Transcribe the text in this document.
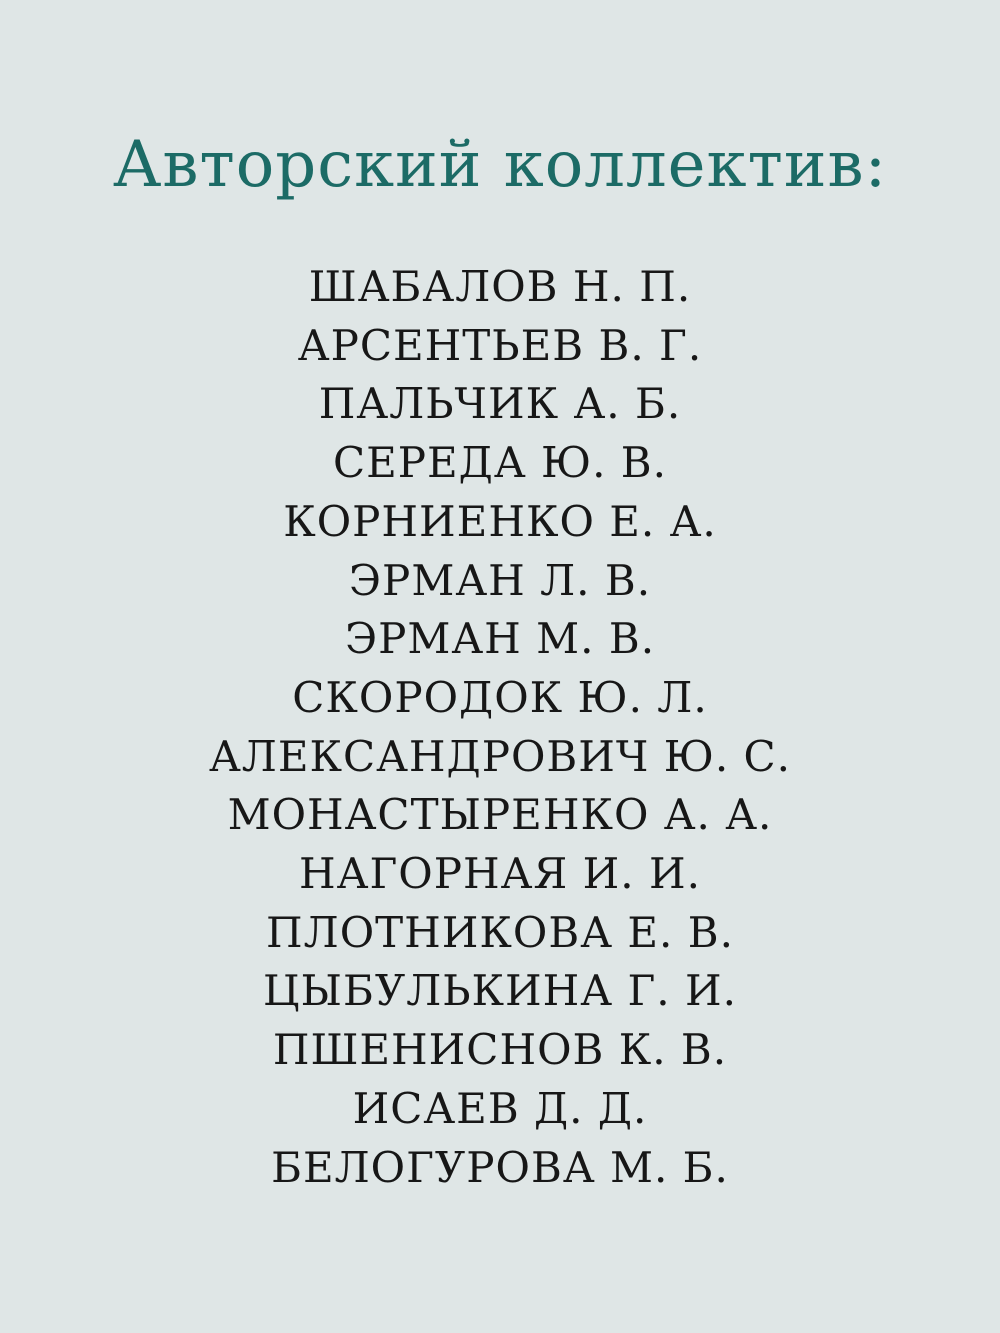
Авторский коллектив:
ШАБАЛОВ Н. П.
АРСЕНТЬЕВ В. Г.
ПАЛЬЧИК А. Б.
СЕРЕДА Ю. В.
КОРНИЕНКО Е. А.
ЭРМАН Л. В.
ЭРМАН М. В.
СКОРОДОК Ю. Л.
АЛЕКСАНДРОВИЧ Ю. С.
МОНАСТЫРЕНКО А. А.
НАГОРНАЯ И. И.
ПЛОТНИКОВА Е. В.
ЦЫБУЛЬКИНА Г. И.
ПШЕНИСНОВ К. В.
ИСАЕВ Д. Д.
БЕЛОГУРОВА М. Б.
